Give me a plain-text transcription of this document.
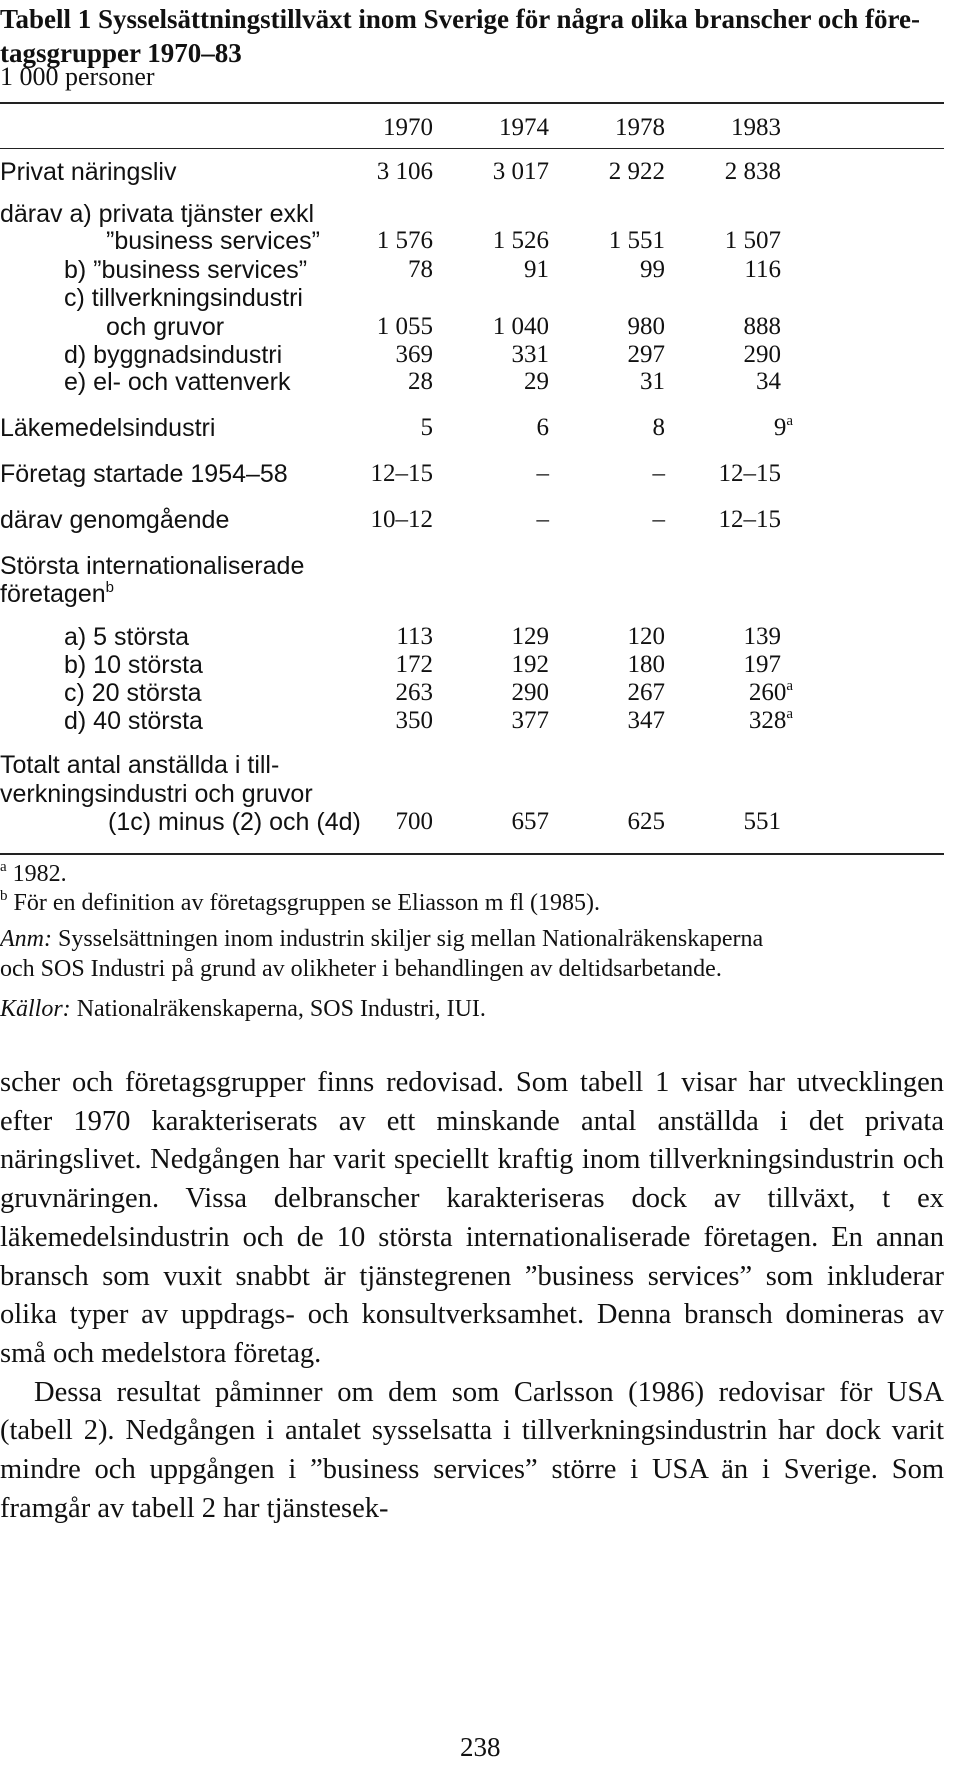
Tabell 1 Sysselsättningstillväxt inom Sverige för några olika branscher och före-
tagsgrupper 1970–83
1 000 personer
1970	1974	1978	1983
Privat näringsliv	3 106	3 017	2 922	2 838
därav a) privata tjänster exkl
”business services”	1 576	1 526	1 551	1 507
b) ”business services”	78	91	99	116
c) tillverkningsindustri
och gruvor	1 055	1 040	980	888
d) byggnadsindustri	369	331	297	290
e) el- och vattenverk	28	29	31	34
Läkemedelsindustri	5	6	8	9$^a$
Företag startade 1954–58	12–15	–	–	12–15
därav genomgående	10–12	–	–	12–15
Största internationaliserade
företagen$^b$
a) 5 största	113	129	120	139
b) 10 största	172	192	180	197
c) 20 största	263	290	267	260$^a$
d) 40 största	350	377	347	328$^a$
Totalt antal anställda i till-
verkningsindustri och gruvor
(1c) minus (2) och (4d)	700	657	625	551
$^a$ 1982.
$^b$ För en definition av företagsgruppen se Eliasson m fl (1985).
Anm: Sysselsättningen inom industrin skiljer sig mellan Nationalräkenskaperna
och SOS Industri på grund av olikheter i behandlingen av deltidsarbetande.
Källor: Nationalräkenskaperna, SOS Industri, IUI.

scher och företagsgrupper finns redovisad. Som tabell 1 visar har utvecklingen efter 1970 karakteriserats av ett minskande antal anställda i det privata näringslivet. Nedgången har varit speciellt kraftig inom tillverkningsindustrin och gruvnäringen. Vissa delbranscher karakteriseras dock av tillväxt, t ex läkemedelsindustrin och de 10 största internationaliserade företagen. En annan bransch som vuxit snabbt är tjänstegrenen ”business services” som inkluderar olika typer av uppdrags- och konsultverksamhet. Denna bransch domineras av små och medelstora företag.

Dessa resultat påminner om dem som Carlsson (1986) redovisar för USA (tabell 2). Nedgången i antalet sysselsatta i tillverkningsindustrin har dock varit mindre och uppgången i ”business services” större i USA än i Sverige. Som framgår av tabell 2 har tjänstesek-

238
